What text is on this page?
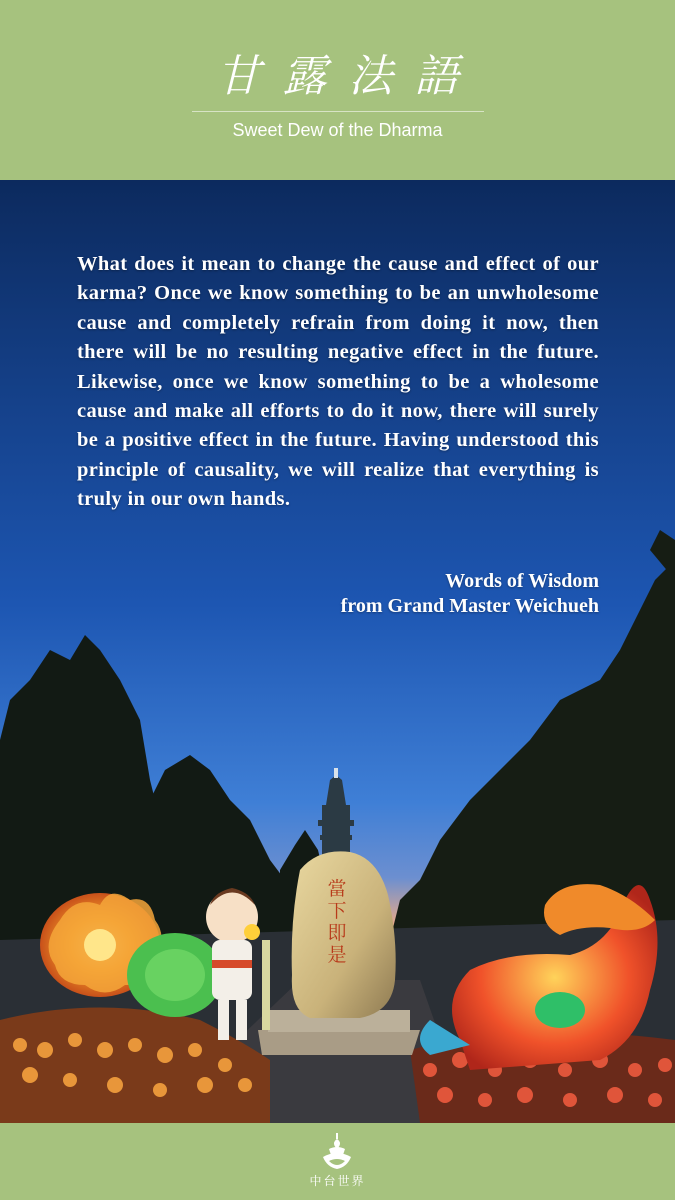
甘露法語
Sweet Dew of the Dharma
What does it mean to change the cause and effect of our karma? Once we know something to be an unwholesome cause and completely refrain from doing it now, then there will be no resulting negative effect in the future. Likewise, once we know something to be a wholesome cause and make all efforts to do it now, there will surely be a positive effect in the future. Having understood this principle of causality, we will realize that everything is truly in our own hands.
Words of Wisdom
from Grand Master Weichueh
當下即是
中台世界
